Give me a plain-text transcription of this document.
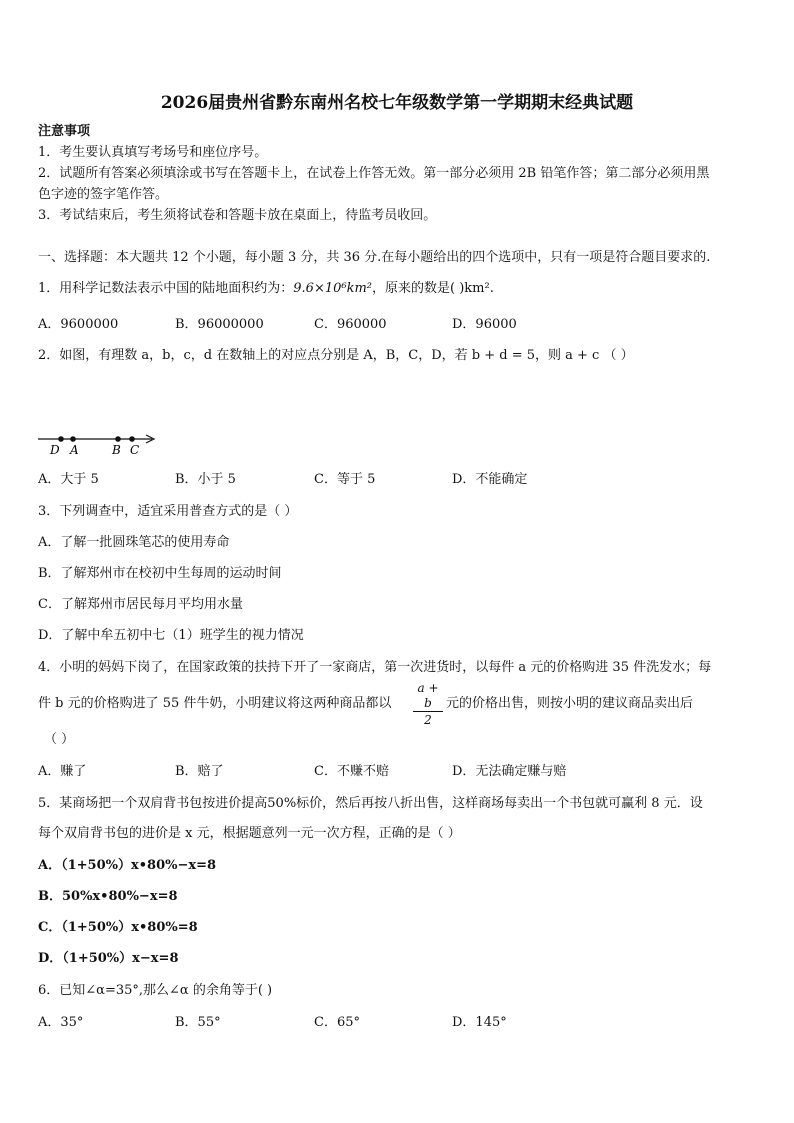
2026届贵州省黔东南州名校七年级数学第一学期期末经典试题
注意事项
1．考生要认真填写考场号和座位序号。
2．试题所有答案必须填涂或书写在答题卡上，在试卷上作答无效。第一部分必须用 2B 铅笔作答；第二部分必须用黑
色字迹的签字笔作答。
3．考试结束后，考生须将试卷和答题卡放在桌面上，待监考员收回。
一、选择题：本大题共 12 个小题，每小题 3 分，共 36 分.在每小题给出的四个选项中，只有一项是符合题目要求的.
1．用科学记数法表示中国的陆地面积约为：9.6×10⁶km²，原来的数是( )km².
A．9600000	B．96000000	C．960000	D．96000
2．如图，有理数 a，b，c，d 在数轴上的对应点分别是 A，B，C，D，若 b + d = 5，则 a + c （ ）
D A	B C
A．大于 5	B．小于 5	C．等于 5	D．不能确定
3．下列调查中，适宜采用普查方式的是（ ）
A．了解一批圆珠笔芯的使用寿命
B．了解郑州市在校初中生每周的运动时间
C．了解郑州市居民每月平均用水量
D．了解中牟五初中七（1）班学生的视力情况
4．小明的妈妈下岗了，在国家政策的扶持下开了一家商店，第一次进货时，以每件 a 元的价格购进 35 件洗发水；每
件 b 元的价格购进了 55 件牛奶，小明建议将这两种商品都以 $\frac{a + b}{2}$ 元的价格出售，则按小明的建议商品卖出后
（ ）
A．赚了	B．赔了	C．不赚不赔	D．无法确定赚与赔
5．某商场把一个双肩背书包按进价提高50%标价，然后再按八折出售，这样商场每卖出一个书包就可赢利 8 元．设
每个双肩背书包的进价是 x 元，根据题意列一元一次方程，正确的是（ ）
A．（1+50%）x•80%−x=8
B．50%x•80%−x=8
C．（1+50%）x•80%=8
D．（1+50%）x−x=8
6．已知∠α=35°,那么∠α 的余角等于( )
A．35°	B．55°	C．65°	D．145°
